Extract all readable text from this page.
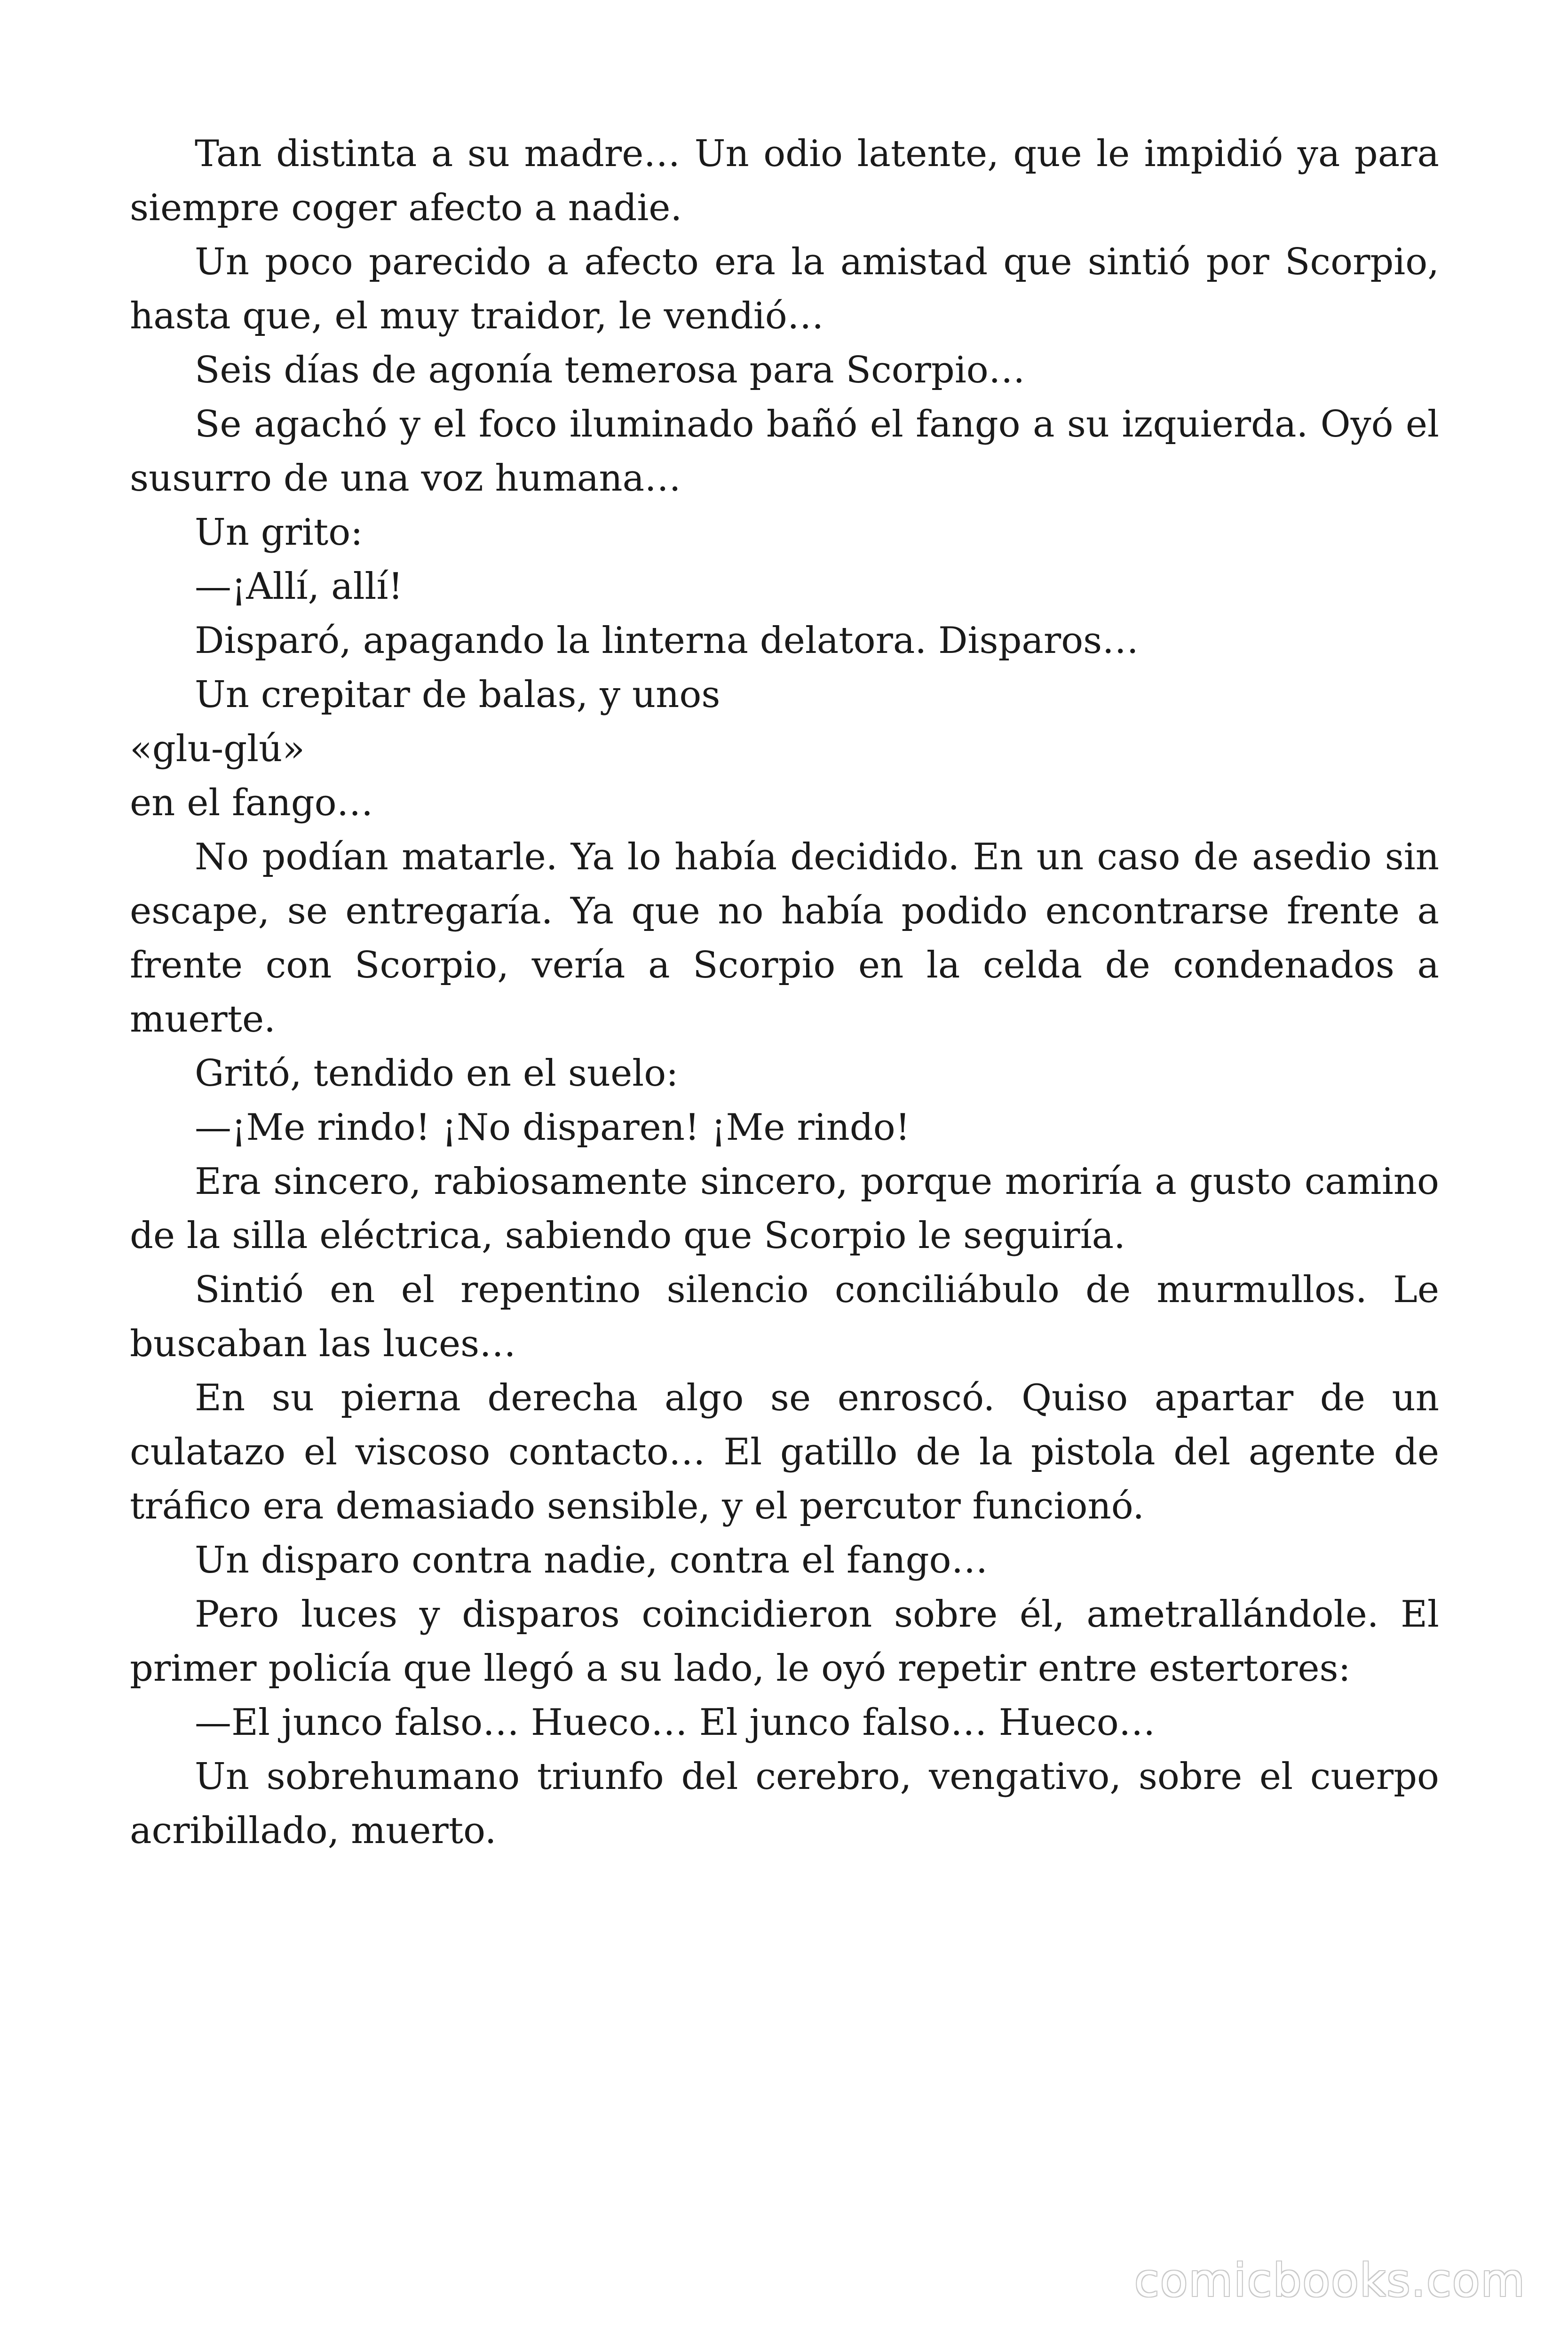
Tan distinta a su madre… Un odio latente, que le impidió ya para siempre coger afecto a nadie.

Un poco parecido a afecto era la amistad que sintió por Scorpio, hasta que, el muy traidor, le vendió…

Seis días de agonía temerosa para Scorpio…

Se agachó y el foco iluminado bañó el fango a su izquierda. Oyó el susurro de una voz humana…

Un grito:

—¡Allí, allí!

Disparó, apagando la linterna delatora. Disparos…

Un crepitar de balas, y unos

«glu-glú»

en el fango…

No podían matarle. Ya lo había decidido. En un caso de asedio sin escape, se entregaría. Ya que no había podido encontrarse frente a frente con Scorpio, vería a Scorpio en la celda de condenados a muerte.

Gritó, tendido en el suelo:

—¡Me rindo! ¡No disparen! ¡Me rindo!

Era sincero, rabiosamente sincero, porque moriría a gusto camino de la silla eléctrica, sabiendo que Scorpio le seguiría.

Sintió en el repentino silencio conciliábulo de murmullos. Le buscaban las luces…

En su pierna derecha algo se enroscó. Quiso apartar de un culatazo el viscoso contacto… El gatillo de la pistola del agente de tráfico era demasiado sensible, y el percutor funcionó.

Un disparo contra nadie, contra el fango…

Pero luces y disparos coincidieron sobre él, ametrallándole. El primer policía que llegó a su lado, le oyó repetir entre estertores:

—El junco falso… Hueco… El junco falso… Hueco…

Un sobrehumano triunfo del cerebro, vengativo, sobre el cuerpo acribillado, muerto.

comicbooks.com
